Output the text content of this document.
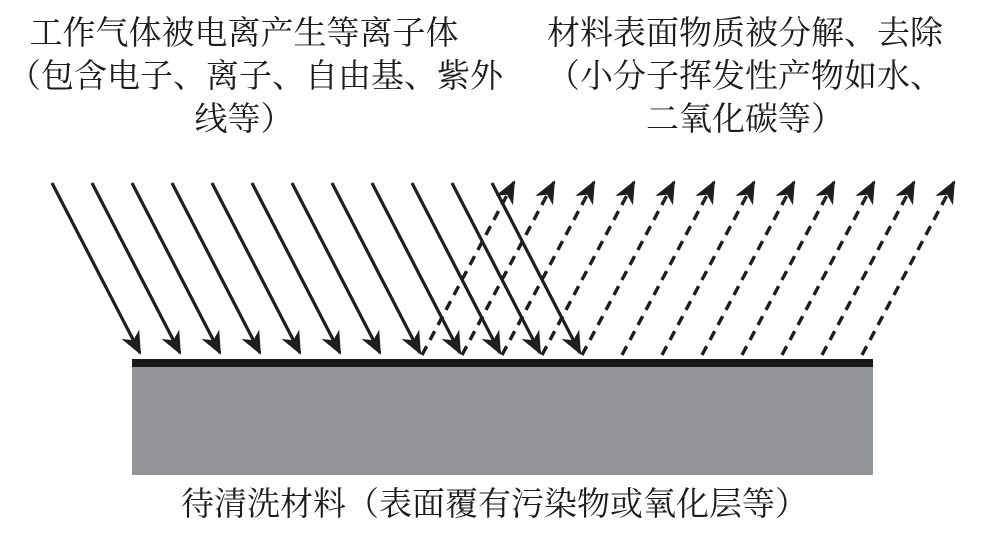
工作气体被电离产生等离子体
（包含电子、离子、自由基、紫外
线等）
材料表面物质被分解、去除
（小分子挥发性产物如水、
二氧化碳等）
待清洗材料（表面覆有污染物或氧化层等）
